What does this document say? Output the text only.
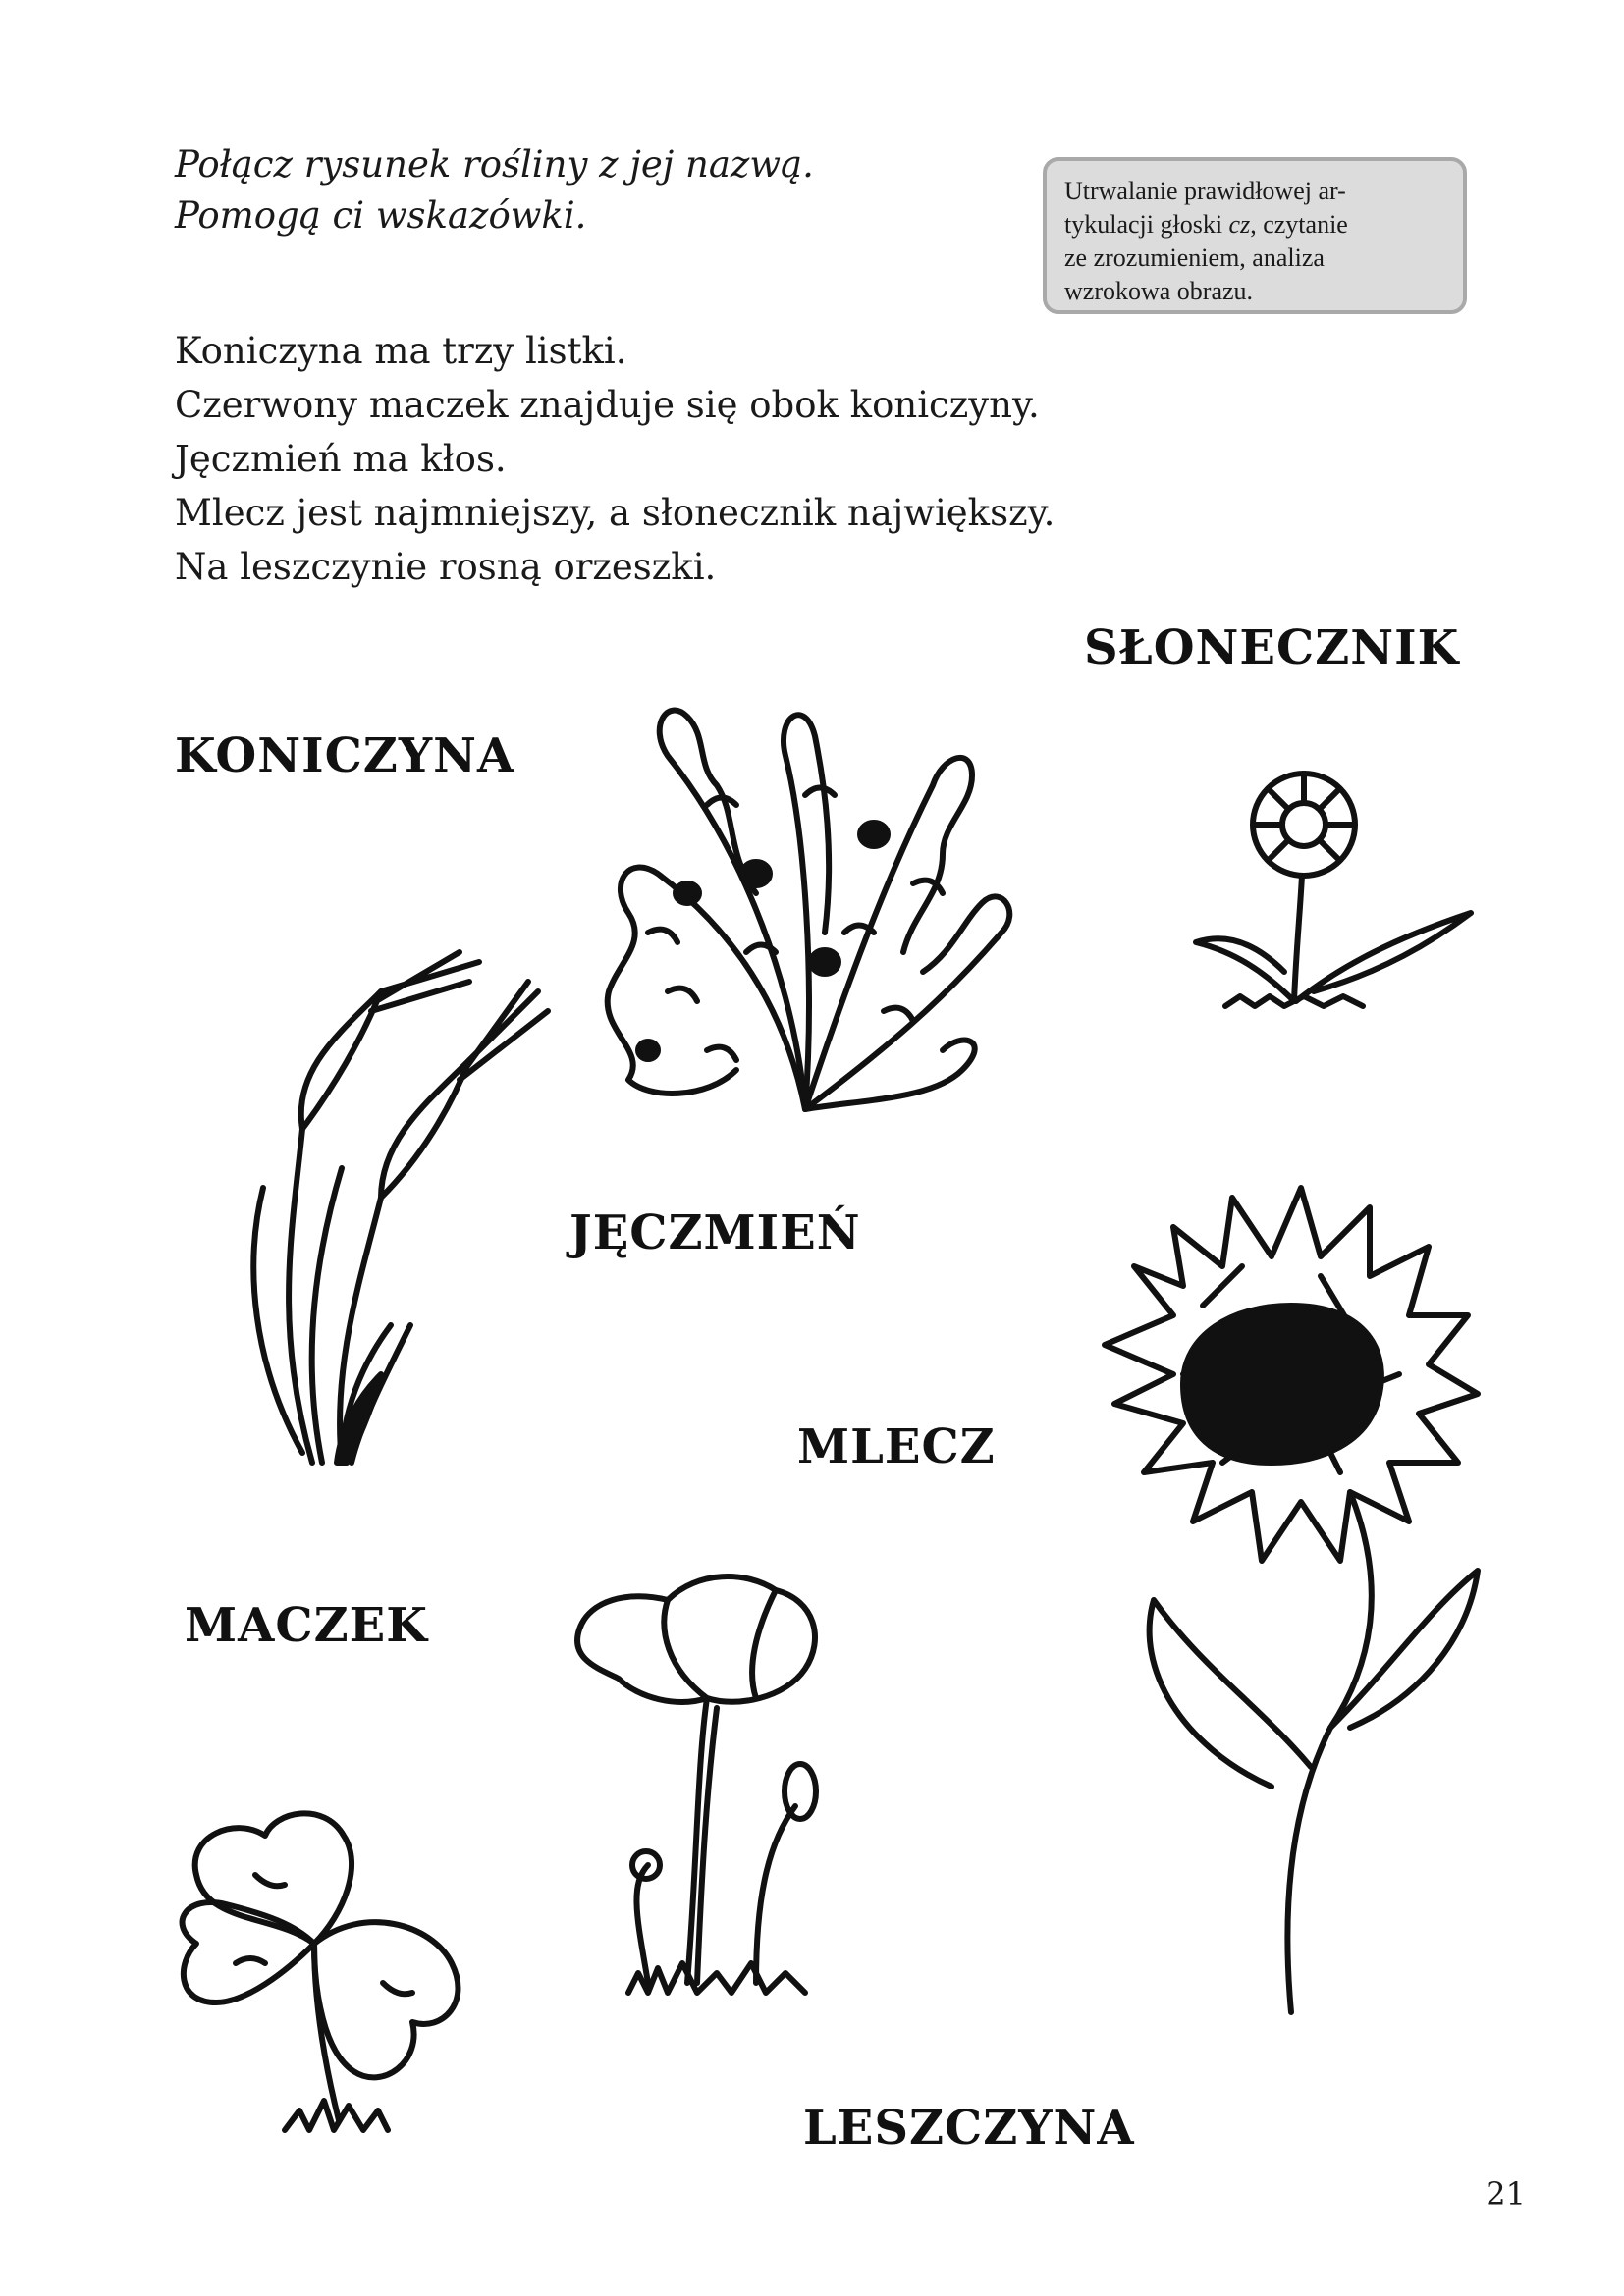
Połącz rysunek rośliny z jej nazwą.
Pomogą ci wskazówki.
Utrwalanie prawidłowej ar-
tykulacji głoski cz, czytanie
ze zrozumieniem, analiza
wzrokowa obrazu.
Koniczyna ma trzy listki.
Czerwony maczek znajduje się obok koniczyny.
Jęczmień ma kłos.
Mlecz jest najmniejszy, a słonecznik największy.
Na leszczynie rosną orzeszki.
SŁONECZNIK
KONICZYNA
JĘCZMIEŃ
MLECZ
MACZEK
LESZCZYNA
21
